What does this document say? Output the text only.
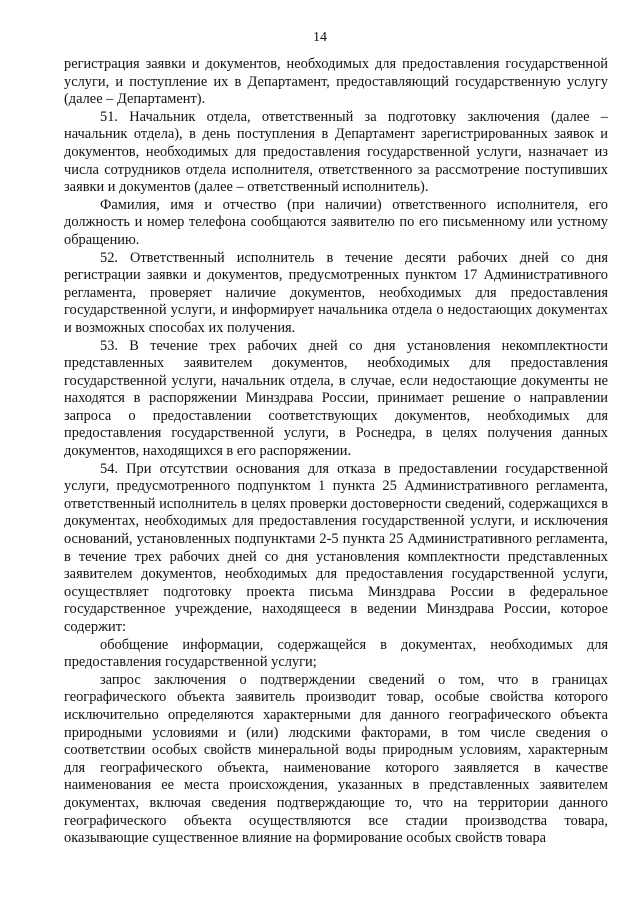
14

регистрация заявки и документов, необходимых для предоставления государственной услуги, и поступление их в Департамент, предоставляющий государственную услугу (далее – Департамент).

51. Начальник отдела, ответственный за подготовку заключения (далее – начальник отдела), в день поступления в Департамент зарегистрированных заявок и документов, необходимых для предоставления государственной услуги, назначает из числа сотрудников отдела исполнителя, ответственного за рассмотрение поступивших заявки и документов (далее – ответственный исполнитель).

Фамилия, имя и отчество (при наличии) ответственного исполнителя, его должность и номер телефона сообщаются заявителю по его письменному или устному обращению.

52. Ответственный исполнитель в течение десяти рабочих дней со дня регистрации заявки и документов, предусмотренных пунктом 17 Административного регламента, проверяет наличие документов, необходимых для предоставления государственной услуги, и информирует начальника отдела о недостающих документах и возможных способах их получения.

53. В течение трех рабочих дней со дня установления некомплектности представленных заявителем документов, необходимых для предоставления государственной услуги, начальник отдела, в случае, если недостающие документы не находятся в распоряжении Минздрава России, принимает решение о направлении запроса о предоставлении соответствующих документов, необходимых для предоставления государственной услуги, в Роснедра, в целях получения данных документов, находящихся в его распоряжении.

54. При отсутствии основания для отказа в предоставлении государственной услуги, предусмотренного подпунктом 1 пункта 25 Административного регламента, ответственный исполнитель в целях проверки достоверности сведений, содержащихся в документах, необходимых для предоставления государственной услуги, и исключения оснований, установленных подпунктами 2-5 пункта 25 Административного регламента, в течение трех рабочих дней со дня установления комплектности представленных заявителем документов, необходимых для предоставления государственной услуги, осуществляет подготовку проекта письма Минздрава России в федеральное государственное учреждение, находящееся в ведении Минздрава России, которое содержит:

обобщение информации, содержащейся в документах, необходимых для предоставления государственной услуги;

запрос заключения о подтверждении сведений о том, что в границах географического объекта заявитель производит товар, особые свойства которого исключительно определяются характерными для данного географического объекта природными условиями и (или) людскими факторами, в том числе сведения о соответствии особых свойств минеральной воды природным условиям, характерным для географического объекта, наименование которого заявляется в качестве наименования ее места происхождения, указанных в представленных заявителем документах, включая сведения подтверждающие то, что на территории данного географического объекта осуществляются все стадии производства товара, оказывающие существенное влияние на формирование особых свойств товара
